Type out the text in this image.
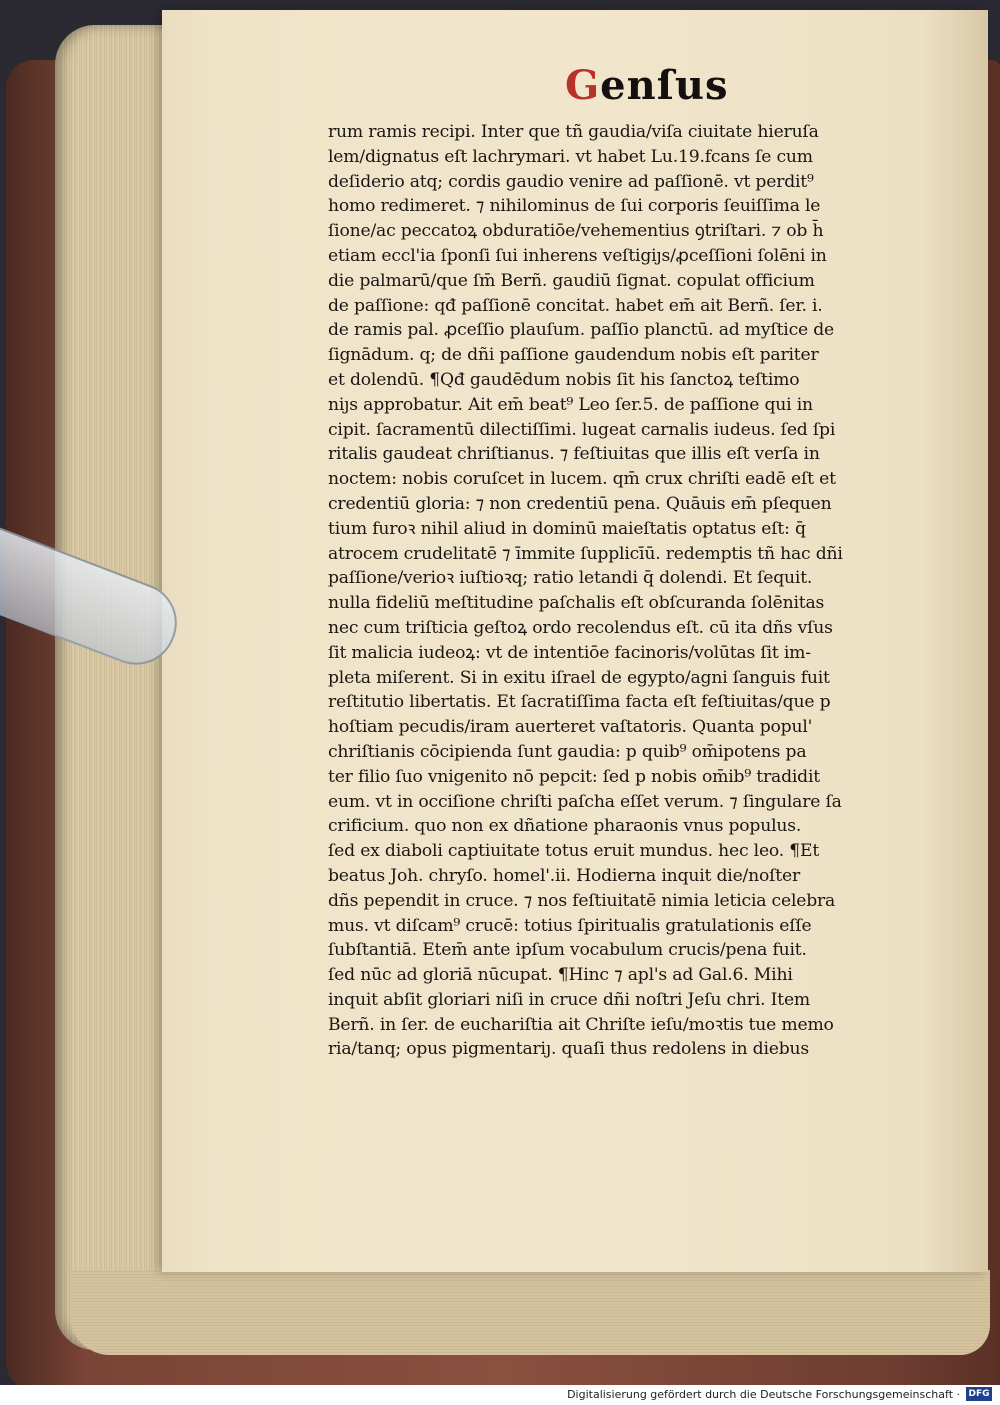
Genſus
rum ramis recipi. Inter que tñ gaudia/viſa ciuitate hieruſa
lem/dignatus eſt lachrymari. vt habet Lu.19.fcans ſe cum
deſiderio atq; cordis gaudio venire ad paſſionē. vt perdit⁹
homo redimeret. ⁊ nihilominus de ſui corporis ſeuiſſima le
ſione/ac peccatoꝝ obduratiōe/vehementius ꝯtriſtari. ⁊ ob h̄
etiam eccl'ia ſponſi ſui inherens veſtigiȷs/ꝓceſſioni ſolēni in
die palmarū/que ſm̄ Berñ. gaudiū ſignat. copulat officium
de paſſione: qđ paſſionē concitat. habet em̄ ait Berñ. ſer. i.
de ramis pal. ꝓceſſio plauſum. paſſio planctū. ad myſtice de
ſignādum. q; de dñi paſſione gaudendum nobis eſt pariter
et dolendū. ¶Qđ gaudēdum nobis ſit his ſanctoꝝ teſtimo
niȷs approbatur. Ait em̄ beat⁹ Leo ſer.5. de paſſione qui in
cipit. ſacramentū dilectiſſimi. lugeat carnalis iudeus. ſed ſpi
ritalis gaudeat chriſtianus. ⁊ feſtiuitas que illis eſt verſa in
noctem: nobis coruſcet in lucem. qm̄ crux chriſti eadē eſt et
credentiū gloria: ⁊ non credentiū pena. Quāuis em̄ pſequen
tium furoꝛ nihil aliud in dominū maieſtatis optatus eſt: q̄
atrocem crudelitatē ⁊ īmmite ſupplicīū. redemptis tñ hac dñi
paſſione/verioꝛ iuſtioꝛq; ratio letandi q̄ dolendi. Et ſequit.
nulla fideliū meſtitudine paſchalis eſt obſcuranda ſolēnitas
nec cum triſticia geſtoꝝ ordo recolendus eſt. cū ita dñs vſus
ſit malicia iudeoꝝ: vt de intentiōe facinoris/volūtas ſit im-
pleta miſerent. Si in exitu iſrael de egypto/agni ſanguis fuit
reſtitutio libertatis. Et ſacratiſſima facta eſt feſtiuitas/que p
hoſtiam pecudis/iram auerteret vaſtatoris. Quanta popul'
chriſtianis cōcipienda ſunt gaudia: p quib⁹ om̄ipotens pa
ter filio ſuo vnigenito nō pepcit: ſed p nobis om̄ib⁹ tradidit
eum. vt in occiſione chriſti paſcha eſſet verum. ⁊ ſingulare ſa
crificium. quo non ex dñatione pharaonis vnus populus.
ſed ex diaboli captiuitate totus eruit mundus. hec leo. ¶Et
beatus Joh. chryſo. homel'.ii. Hodierna inquit die/noſter
dñs pependit in cruce. ⁊ nos feſtiuitatē nimia leticia celebra
mus. vt diſcam⁹ crucē: totius ſpiritualis gratulationis eſſe
ſubſtantiā. Etem̄ ante ipſum vocabulum crucis/pena fuit.
ſed nūc ad gloriā nūcupat. ¶Hinc ⁊ apl's ad Gal.6. Mihi
inquit abſit gloriari niſi in cruce dñi noſtri Jeſu chri. Item
Berñ. in ſer. de euchariſtia ait Chriſte ieſu/moꝛtis tue memo
ria/tanq; opus pigmentariȷ. quaſi thus redolens in diebus
Digitalisierung gefördert durch die Deutsche Forschungsgemeinschaft · DFG
